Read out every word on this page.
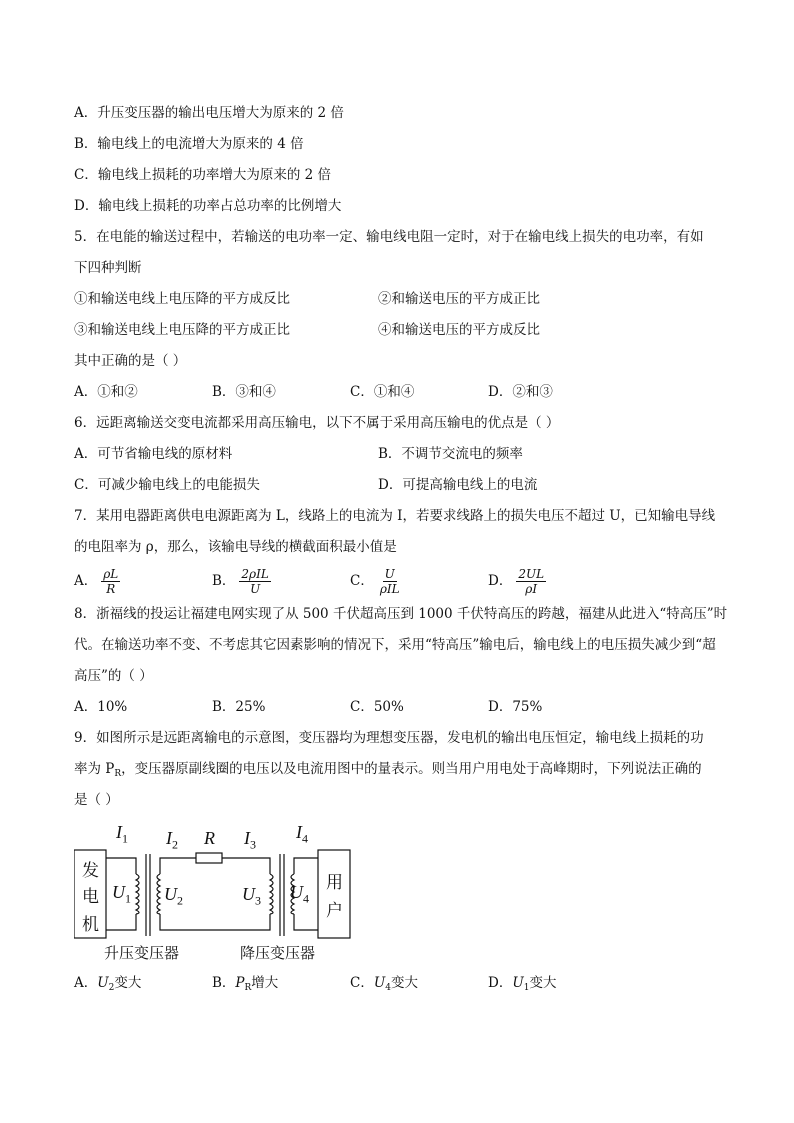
A．升压变压器的输出电压增大为原来的 2 倍
B．输电线上的电流增大为原来的 4 倍
C．输电线上损耗的功率增大为原来的 2 倍
D．输电线上损耗的功率占总功率的比例增大
5．在电能的输送过程中，若输送的电功率一定、输电线电阻一定时，对于在输电线上损失的电功率，有如
下四种判断
①和输送电线上电压降的平方成反比	②和输送电压的平方成正比
③和输送电线上电压降的平方成正比	④和输送电压的平方成反比
其中正确的是（ ）
A．①和②	B．③和④	C．①和④	D．②和③
6．远距离输送交变电流都采用高压输电，以下不属于采用高压输电的优点是（ ）
A．可节省输电线的原材料	B．不调节交流电的频率
C．可减少输电线上的电能损失	D．可提高输电线上的电流
7．某用电器距离供电电源距离为 L，线路上的电流为 I，若要求线路上的损失电压不超过 U，已知输电导线
的电阻率为 ρ，那么，该输电导线的横截面积最小值是
A． $\frac{\rho L}{R}$	B． $\frac{\text{2ρIL}}{U}$	C． $\frac{U}{\text{ρIL}}$	D． $\frac{2UL}{\rho I}$
8．浙福线的投运让福建电网实现了从 500 千伏超高压到 1000 千伏特高压的跨越，福建从此进入“特高压”时
代。在输送功率不变、不考虑其它因素影响的情况下，采用“特高压”输电后，输电线上的电压损失减少到“超
高压”的（ ）
A．10%	B．25%	C．50%	D．75%
9．如图所示是远距离输电的示意图，变压器均为理想变压器，发电机的输出电压恒定，输电线上损耗的功
率为 $P_R$，变压器原副线圈的电压以及电流用图中的量表示。则当用户用电处于高峰期时，下列说法正确的
是（ ）
发
电
机
用
户
$I_1$ $I_2$ R $I_3$
$I_4$
$U_1$ $U_2$	$U_3$ $U_4$
升压变压器	降压变压器
A．$U_2$变大	B．$P_R$增大	C．$U_4$变大	D．$U_1$变大
